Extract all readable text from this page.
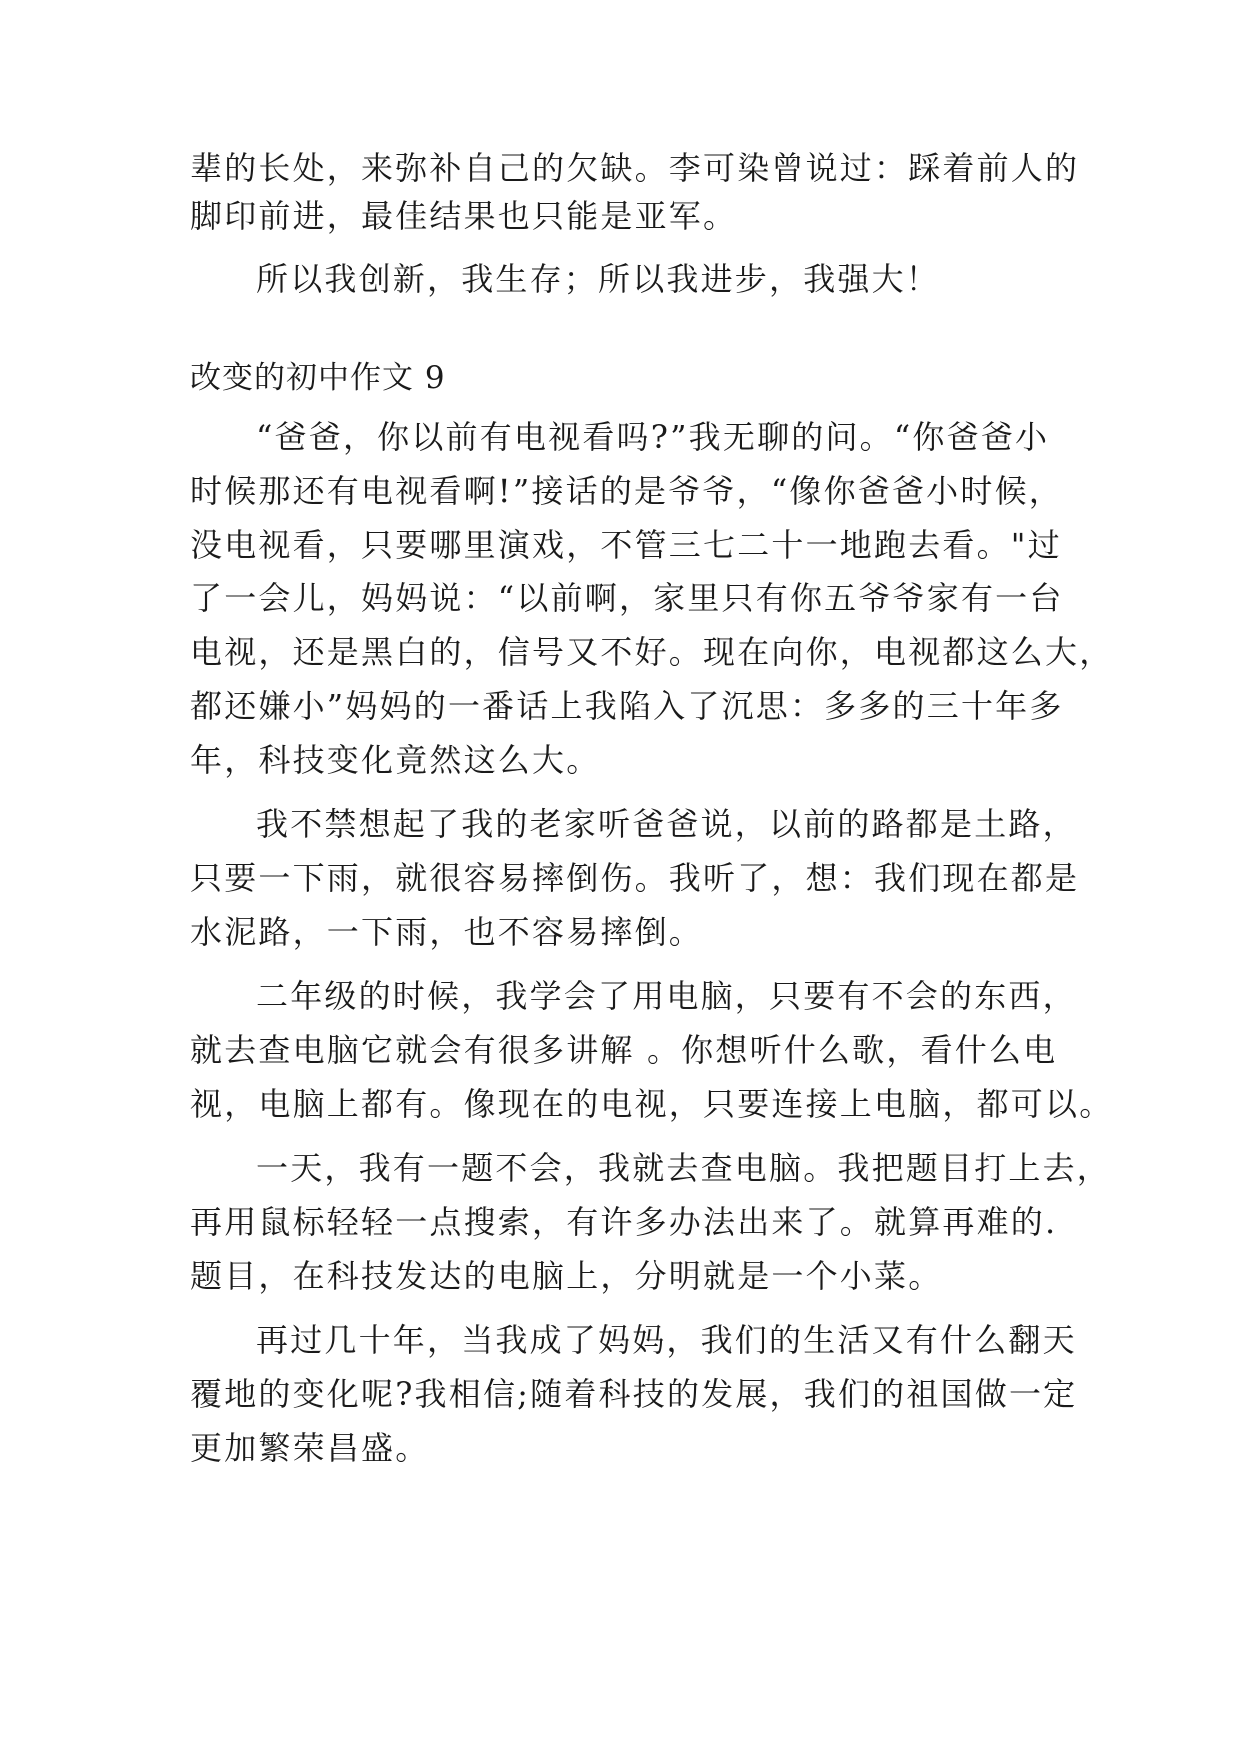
辈的长处，来弥补自己的欠缺。李可染曾说过：踩着前人的
脚印前进，最佳结果也只能是亚军。
所以我创新，我生存；所以我进步，我强大！
改变的初中作文 9
“爸爸，你以前有电视看吗?”我无聊的问。“你爸爸小
时候那还有电视看啊!”接话的是爷爷，“像你爸爸小时候，
没电视看，只要哪里演戏，不管三七二十一地跑去看。"过
了一会儿，妈妈说：“以前啊，家里只有你五爷爷家有一台
电视，还是黑白的，信号又不好。现在向你，电视都这么大，
都还嫌小”妈妈的一番话上我陷入了沉思：多多的三十年多
年，科技变化竟然这么大。
我不禁想起了我的老家听爸爸说，以前的路都是土路，
只要一下雨，就很容易摔倒伤。我听了，想：我们现在都是
水泥路，一下雨，也不容易摔倒。
二年级的时候，我学会了用电脑，只要有不会的东西，
就去查电脑它就会有很多讲解 。你想听什么歌，看什么电
视，电脑上都有。像现在的电视，只要连接上电脑，都可以。
一天，我有一题不会，我就去查电脑。我把题目打上去，
再用鼠标轻轻一点搜索，有许多办法出来了。就算再难的.
题目，在科技发达的电脑上，分明就是一个小菜。
再过几十年，当我成了妈妈，我们的生活又有什么翻天
覆地的变化呢?我相信;随着科技的发展，我们的祖国做一定
更加繁荣昌盛。
